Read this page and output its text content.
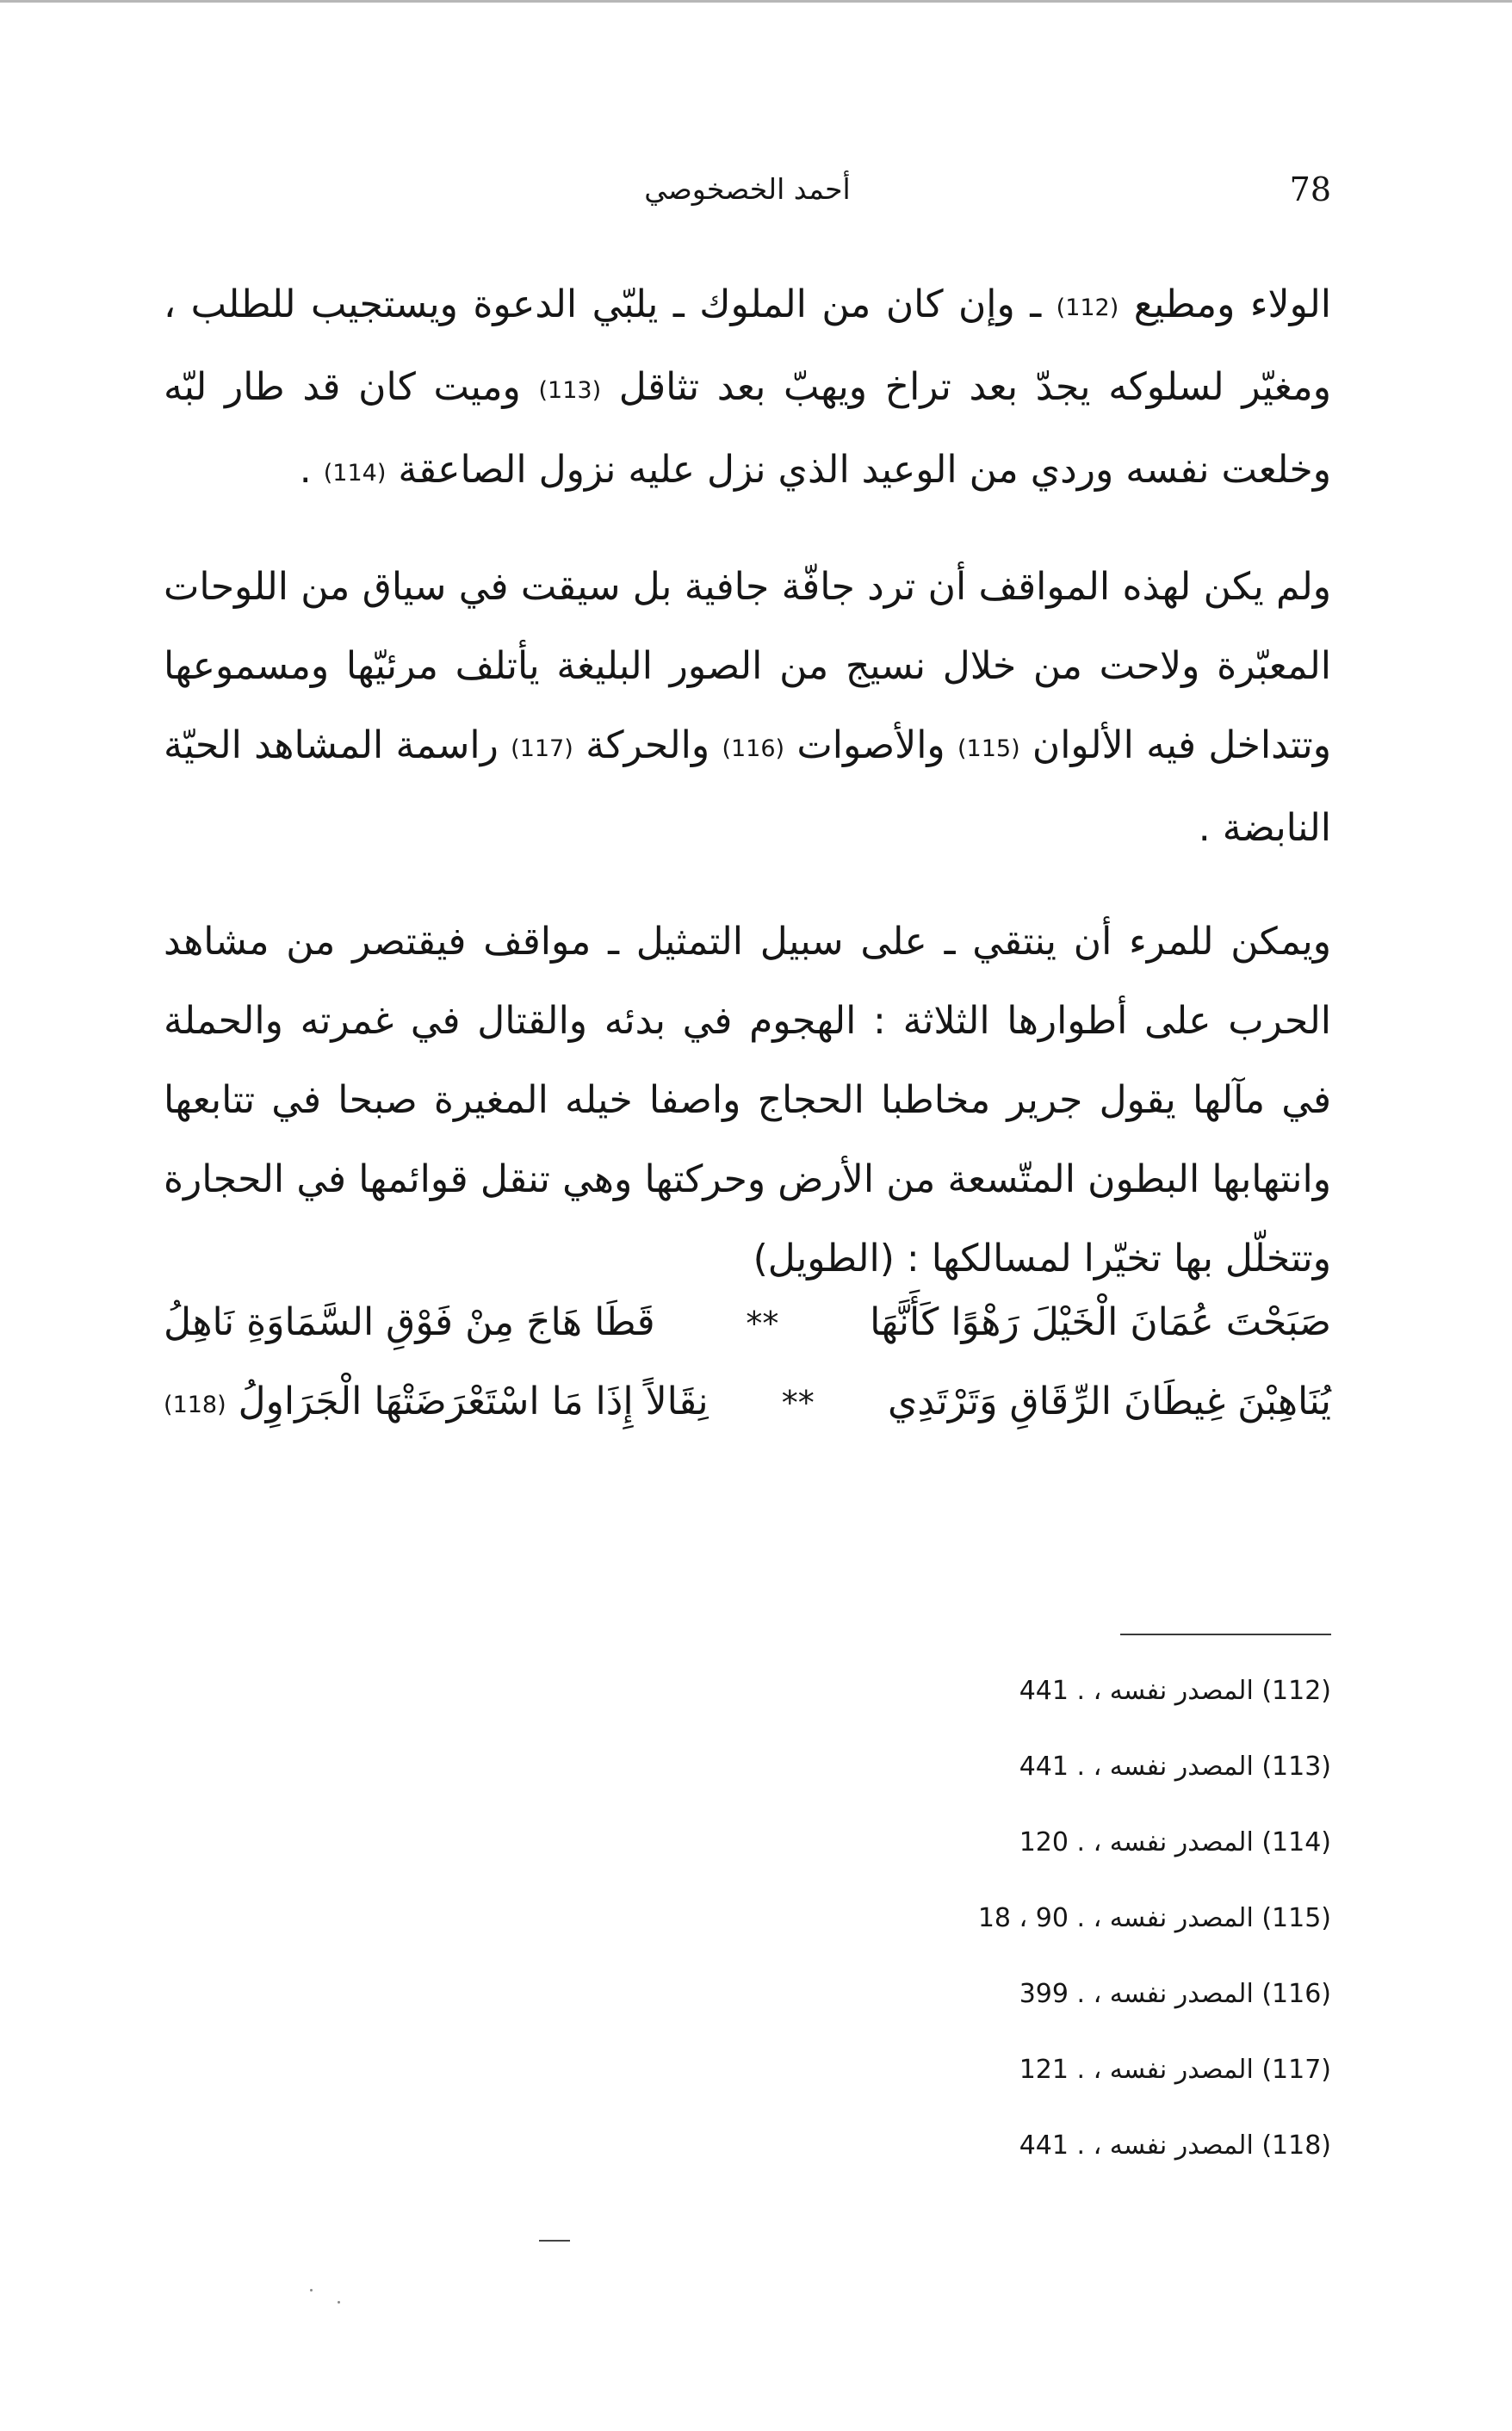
78
أحمد الخصخوصي

الولاء ومطيع (112) ـ وإن كان من الملوك ـ يلبّي الدعوة ويستجيب للطلب ، ومغيّر لسلوكه يجدّ بعد تراخ ويهبّ بعد تثاقل (113) وميت كان قد طار لبّه وخلعت نفسه وردي من الوعيد الذي نزل عليه نزول الصاعقة (114) .

ولم يكن لهذه المواقف أن ترد جافّة جافية بل سيقت في سياق من اللوحات المعبّرة ولاحت من خلال نسيج من الصور البليغة يأتلف مرئيّها ومسموعها وتتداخل فيه الألوان (115) والأصوات (116) والحركة (117) راسمة المشاهد الحيّة النابضة .

ويمكن للمرء أن ينتقي ـ على سبيل التمثيل ـ مواقف فيقتصر من مشاهد الحرب على أطوارها الثلاثة : الهجوم في بدئه والقتال في غمرته والحملة في مآلها يقول جرير مخاطبا الحجاج واصفا خيله المغيرة صبحا في تتابعها وانتهابها البطون المتّسعة من الأرض وحركتها وهي تنقل قوائمها في الحجارة وتتخلّل بها تخيّرا لمسالكها : (الطويل)

صَبَحْتَ عُمَانَ الْخَيْلَ رَهْوًا كَأَنَّهَا
**
قَطَا هَاجَ مِنْ فَوْقِ السَّمَاوَةِ نَاهِلُ
يُنَاهِبْنَ غِيطَانَ الرِّقَاقِ وَتَرْتَدِي
**
نِقَالاً إِذَا مَا اسْتَعْرَضَتْهَا الْجَرَاوِلُ (118)
(112) المصدر نفسه ، 441 .
(113) المصدر نفسه ، 441 .
(114) المصدر نفسه ، 120 .
(115) المصدر نفسه ، 18 ، 90 .
(116) المصدر نفسه ، 399 .
(117) المصدر نفسه ، 121 .
(118) المصدر نفسه ، 441 .
